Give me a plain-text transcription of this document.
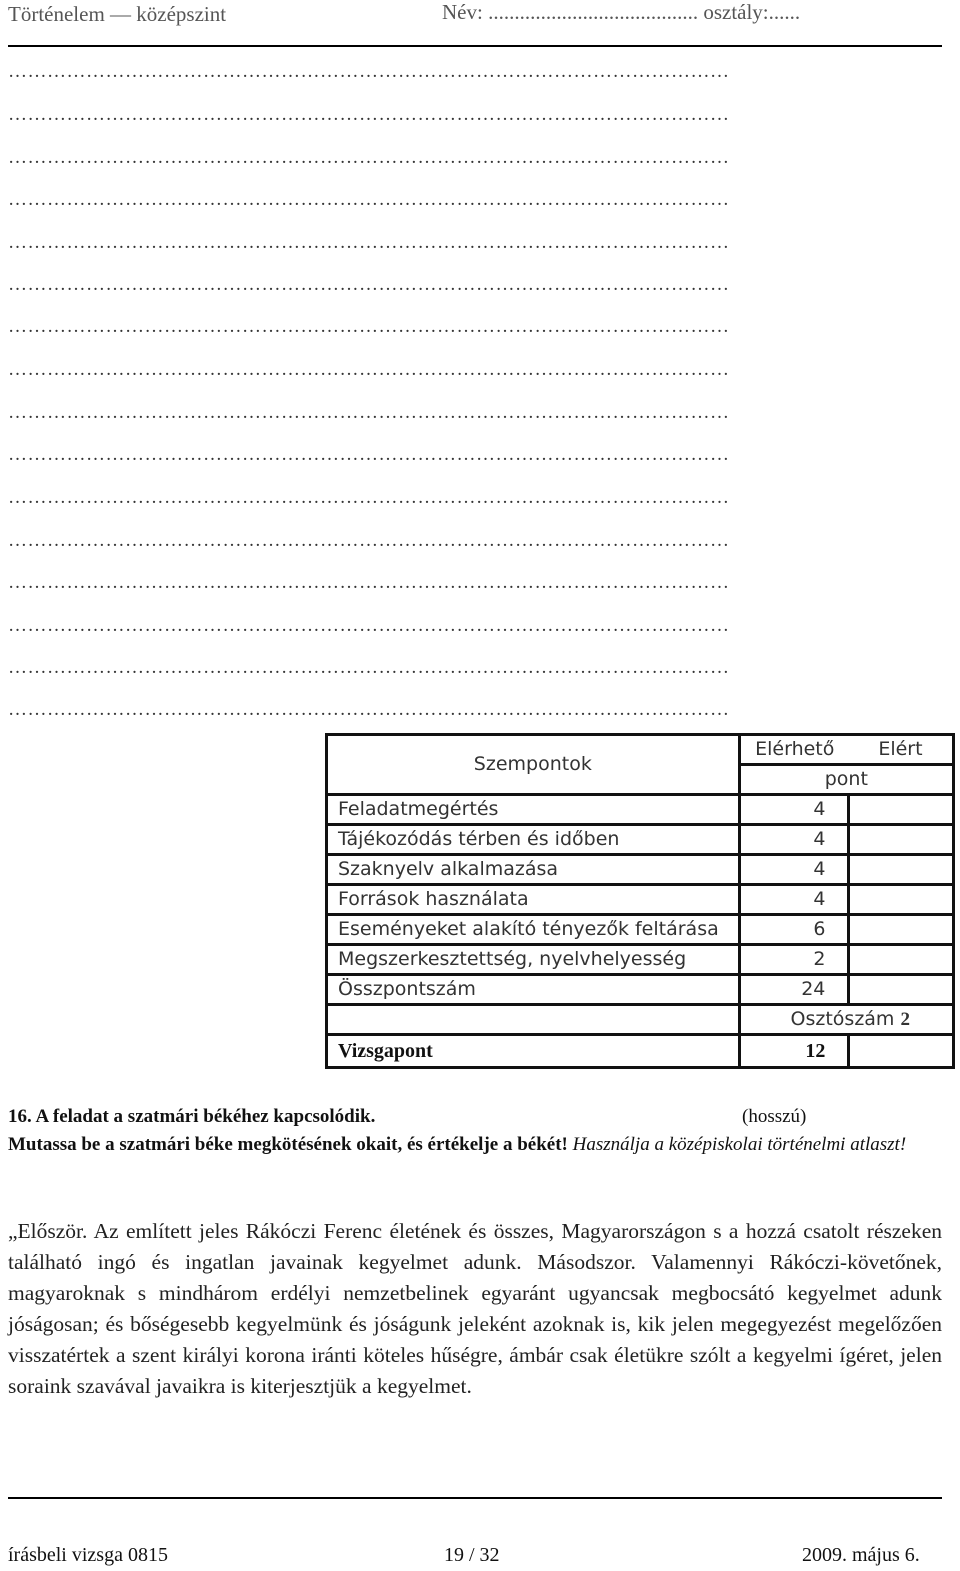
Történelem — középszint	Név: ........................................ osztály:......
…………………………………………………………………………………………………
…………………………………………………………………………………………………
…………………………………………………………………………………………………
…………………………………………………………………………………………………
…………………………………………………………………………………………………
…………………………………………………………………………………………………
…………………………………………………………………………………………………
…………………………………………………………………………………………………
…………………………………………………………………………………………………
…………………………………………………………………………………………………
…………………………………………………………………………………………………
…………………………………………………………………………………………………
…………………………………………………………………………………………………
…………………………………………………………………………………………………
…………………………………………………………………………………………………
…………………………………………………………………………………………………
Szempontok	Elérhető	Elért
	pont	
Feladatmegértés	4	
Tájékozódás térben és időben	4	
Szaknyelv alkalmazása	4	
Források használata	4	
Eseményeket alakító tényezők feltárása	6	
Megszerkesztettség, nyelvhelyesség	2	
Összpontszám	24	
	Osztószám 2	
Vizsgapont	12	
16. A feladat a szatmári békéhez kapcsolódik.	(hosszú)
Mutassa be a szatmári béke megkötésének okait, és értékelje a békét! Használja a középiskolai történelmi atlaszt!
„Először. Az említett jeles Rákóczi Ferenc életének és összes, Magyarországon s a hozzá csatolt részeken található ingó és ingatlan javainak kegyelmet adunk. Másodszor. Valamennyi Rákóczi-követőnek, magyaroknak s mindhárom erdélyi nemzetbelinek egyaránt ugyancsak megbocsátó kegyelmet adunk jóságosan; és bőségesebb kegyelmünk és jóságunk jeleként azoknak is, kik jelen megegyezést megelőzően visszatértek a szent királyi korona iránti köteles hűségre, ámbár csak életükre szólt a kegyelmi ígéret, jelen soraink szavával javaikra is kiterjesztjük a kegyelmet.
írásbeli vizsga 0815	19 / 32	2009. május 6.
